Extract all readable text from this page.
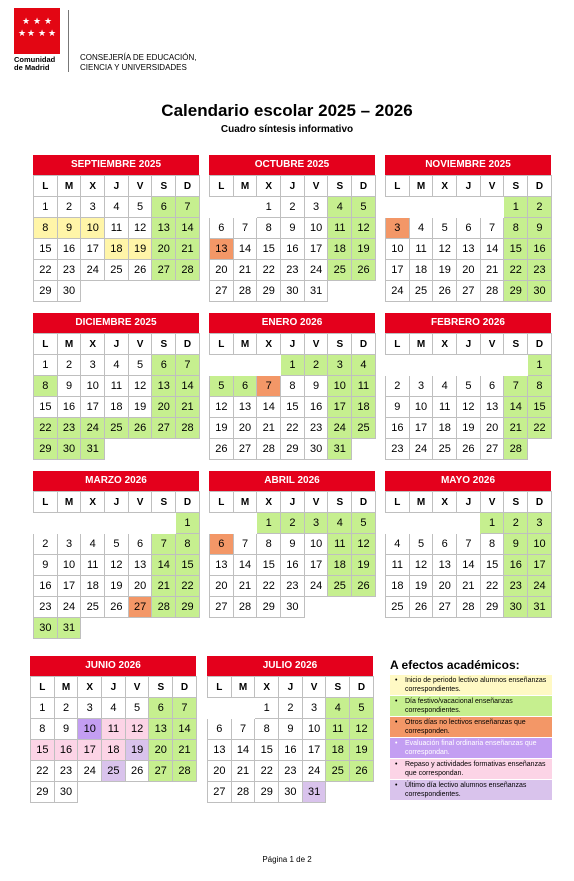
★ ★ ★
★ ★ ★ ★
Comunidad
de Madrid
CONSEJERÍA DE EDUCACIÓN,
CIENCIA Y UNIVERSIDADES
Calendario escolar 2025 – 2026
Cuadro síntesis informativo
SEPTIEMBRE 2025
L	M	X	J	V	S	D
1	2	3	4	5	6	7
8	9	10	11	12	13	14
15	16	17	18	19	20	21
22	23	24	25	26	27	28
29	30					
OCTUBRE 2025
L	M	X	J	V	S	D
		1	2	3	4	5
6	7	8	9	10	11	12
13	14	15	16	17	18	19
20	21	22	23	24	25	26
27	28	29	30	31		
NOVIEMBRE 2025
L	M	X	J	V	S	D
					1	2
3	4	5	6	7	8	9
10	11	12	13	14	15	16
17	18	19	20	21	22	23
24	25	26	27	28	29	30
DICIEMBRE 2025
L	M	X	J	V	S	D
1	2	3	4	5	6	7
8	9	10	11	12	13	14
15	16	17	18	19	20	21
22	23	24	25	26	27	28
29	30	31				
ENERO 2026
L	M	X	J	V	S	D
			1	2	3	4
5	6	7	8	9	10	11
12	13	14	15	16	17	18
19	20	21	22	23	24	25
26	27	28	29	30	31	
FEBRERO 2026
L	M	X	J	V	S	D
						1
2	3	4	5	6	7	8
9	10	11	12	13	14	15
16	17	18	19	20	21	22
23	24	25	26	27	28	
MARZO 2026
L	M	X	J	V	S	D
						1
2	3	4	5	6	7	8
9	10	11	12	13	14	15
16	17	18	19	20	21	22
23	24	25	26	27	28	29
30	31					
ABRIL 2026
L	M	X	J	V	S	D
		1	2	3	4	5
6	7	8	9	10	11	12
13	14	15	16	17	18	19
20	21	22	23	24	25	26
27	28	29	30			
MAYO 2026
L	M	X	J	V	S	D
				1	2	3
4	5	6	7	8	9	10
11	12	13	14	15	16	17
18	19	20	21	22	23	24
25	26	27	28	29	30	31
JUNIO 2026
L	M	X	J	V	S	D
1	2	3	4	5	6	7
8	9	10	11	12	13	14
15	16	17	18	19	20	21
22	23	24	25	26	27	28
29	30					
JULIO 2026
L	M	X	J	V	S	D
		1	2	3	4	5
6	7	8	9	10	11	12
13	14	15	16	17	18	19
20	21	22	23	24	25	26
27	28	29	30	31		
A efectos académicos:
• Inicio de periodo lectivo alumnos enseñanzas correspondientes.
• Día festivo/vacacional enseñanzas correspondientes.
• Otros días no lectivos enseñanzas que corresponden.
• Evaluación final ordinaria enseñanzas que correspondan.
• Repaso y actividades formativas enseñanzas que correspondan.
• Último día lectivo alumnos enseñanzas correspondientes.
Página 1 de 2
